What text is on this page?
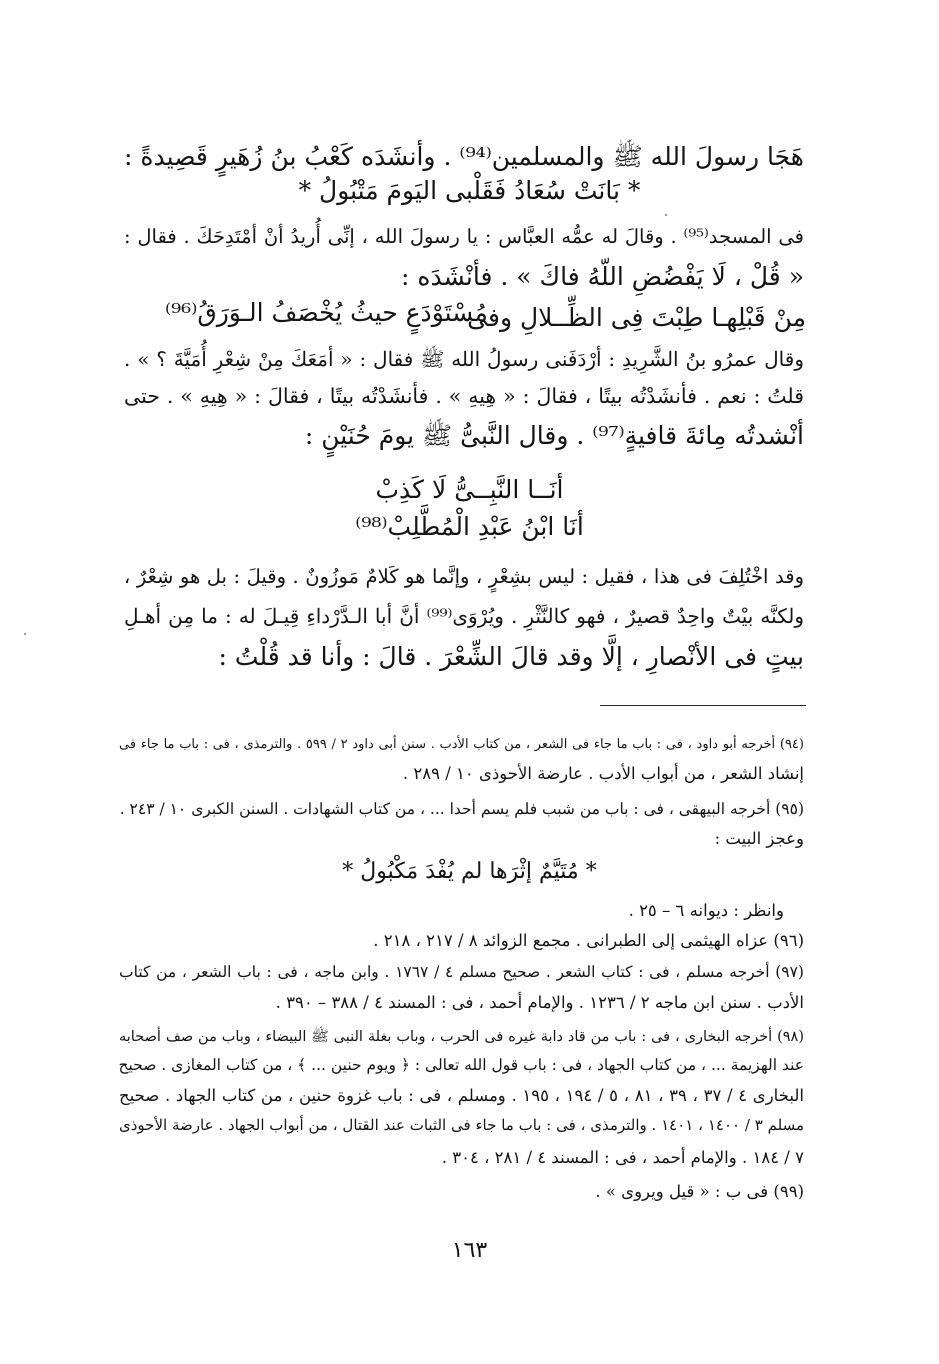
هَجَا رسولَ الله ﷺ والمسلمين⁽⁹⁴⁾ . وأنشَدَه كَعْبُ بنُ زُهَيرٍ قَصِيدةً :

* بَانَتْ سُعَادُ فَقَلْبى اليَومَ مَتْبُولُ *

فى المسجد⁽⁹⁵⁾ . وقالَ له عمُّه العبَّاس : يا رسولَ الله ، إنِّى أُريدُ أنْ أمْتَدِحَكَ . فقال :

« قُلْ ، لَا يَفْضُضِ اللّهُ فاكَ » . فأنْشَدَه :

مِنْ قَبْلِهـا طِبْتَ فِى الظِّــلالِ وفى
مُسْتَوْدَعٍ حيثُ يُخْصَفُ الـوَرَقُ⁽⁹⁶⁾

وقال عمرُو بنُ الشَّرِيدِ : أرْدَفَنى رسولُ الله ﷺ فقال : « أمَعَكَ مِنْ شِعْرِ أُمَيَّةَ ؟ » .

قلتُ : نعم . فأنشَدْتُه بيتًا ، فقالَ : « هِيهِ » . فأنشَدْتُه بيتًا ، فقالَ : « هِيهِ » . حتى

أنْشدتُه مِائةَ قافيةٍ⁽⁹⁷⁾ . وقال النَّبىُّ ﷺ يومَ حُنَيْنٍ :

أنَــا النَّبِــىُّ لَا كَذِبْ

أنَا ابْنُ عَبْدِ الْمُطَّلِبْ⁽⁹⁸⁾

وقد اخْتُلِفَ فى هذا ، فقيل : ليس بشِعْرٍ ، وإنَّما هو كَلامٌ مَوزُونٌ . وقيلَ : بل هو شِعْرٌ ،

ولكنَّه بيْتٌ واحِدٌ قصيرٌ ، فهو كالنَّثْرِ . ويُرْوَى⁽⁹⁹⁾ أنَّ أبا الـدَّرْداءِ قِيـلَ له : ما مِن أهـلِ

بيتٍ فى الأنْصارِ ، إلَّا وقد قالَ الشِّعْرَ . قالَ : وأنا قد قُلْتُ :

(٩٤) أخرجه أبو داود ، فى : باب ما جاء فى الشعر ، من كتاب الأدب . سنن أبى داود ٢ / ٥٩٩ . والترمذى ، فى : باب ما جاء فى

إنشاد الشعر ، من أبواب الأدب . عارضة الأحوذى ١٠ / ٢٨٩ .

(٩٥) أخرجه البيهقى ، فى : باب من شبب فلم يسم أحدا ... ، من كتاب الشهادات . السنن الكبرى ١٠ / ٢٤٣ .

وعجز البيت :

* مُتَيَّمٌ إثْرَها لم يُفْدَ مَكْبُولُ *

وانظر : ديوانه ٦ – ٢٥ .

(٩٦) عزاه الهيثمى إلى الطبرانى . مجمع الزوائد ٨ / ٢١٧ ، ٢١٨ .

(٩٧) أخرجه مسلم ، فى : كتاب الشعر . صحيح مسلم ٤ / ١٧٦٧ . وابن ماجه ، فى : باب الشعر ، من كتاب

الأدب . سنن ابن ماجه ٢ / ١٢٣٦ . والإمام أحمد ، فى : المسند ٤ / ٣٨٨ – ٣٩٠ .

(٩٨) أخرجه البخارى ، فى : باب من قاد دابة غيره فى الحرب ، وباب بغلة النبى ﷺ البيضاء ، وباب من صف أصحابه

عند الهزيمة ... ، من كتاب الجهاد ، فى : باب قول الله تعالى : ﴿ ويوم حنين ... ﴾ ، من كتاب المغازى . صحيح

البخارى ٤ / ٣٧ ، ٣٩ ، ٨١ ، ٥ / ١٩٤ ، ١٩٥ . ومسلم ، فى : باب غزوة حنين ، من كتاب الجهاد . صحيح

مسلم ٣ / ١٤٠٠ ، ١٤٠١ . والترمذى ، فى : باب ما جاء فى الثبات عند القتال ، من أبواب الجهاد . عارضة الأحوذى

٧ / ١٨٤ . والإمام أحمد ، فى : المسند ٤ / ٢٨١ ، ٣٠٤ .

(٩٩) فى ب : « قيل ويروى » .

١٦٣
